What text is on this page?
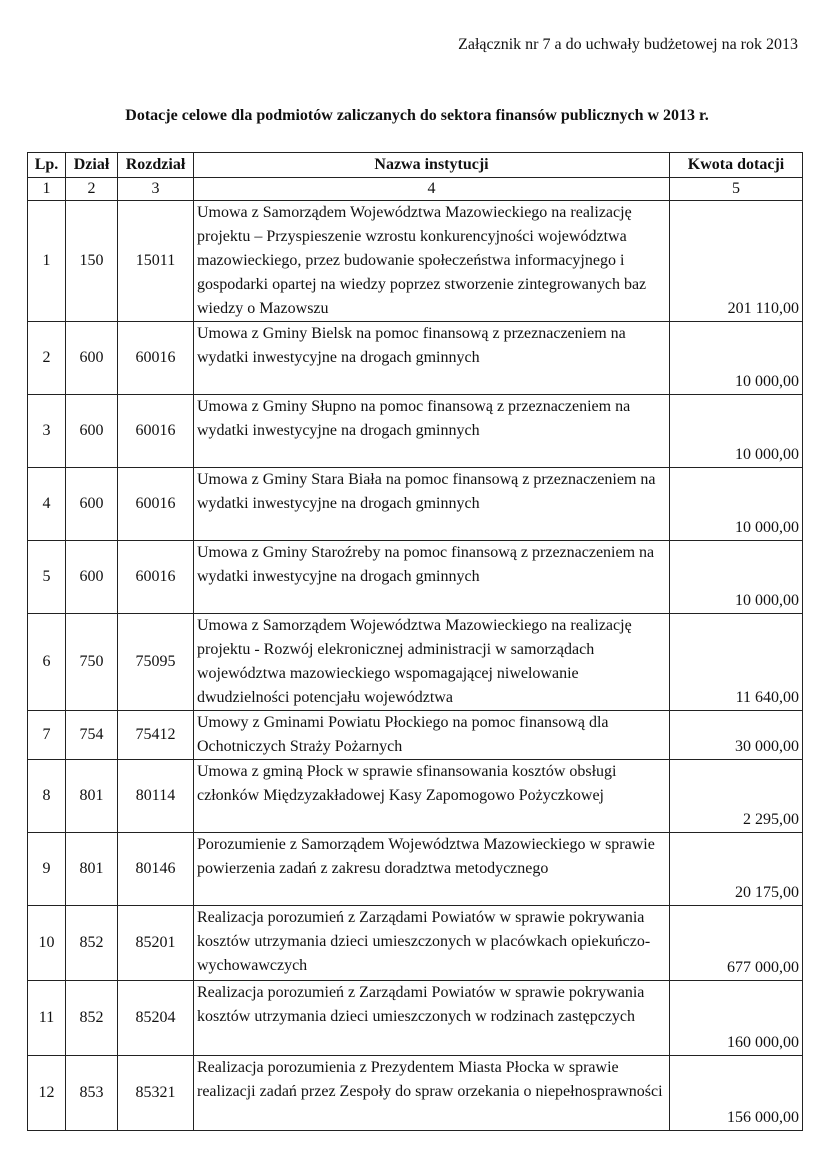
Załącznik nr 7 a do uchwały budżetowej na rok 2013
Dotacje celowe dla podmiotów zaliczanych do sektora finansów publicznych w 2013 r.
Lp.	Dział	Rozdział	Nazwa instytucji	Kwota dotacji
1	2	3	4	5
1	150	15011	Umowa z Samorządem Województwa Mazowieckiego na realizację projektu – Przyspieszenie wzrostu konkurencyjności województwa mazowieckiego, przez budowanie społeczeństwa informacyjnego i gospodarki opartej na wiedzy poprzez stworzenie zintegrowanych baz wiedzy o Mazowszu	201 110,00
2	600	60016	Umowa z Gminy Bielsk na pomoc finansową z przeznaczeniem na wydatki inwestycyjne na drogach gminnych	10 000,00
3	600	60016	Umowa z Gminy Słupno na pomoc finansową z przeznaczeniem na wydatki inwestycyjne na drogach gminnych	10 000,00
4	600	60016	Umowa z Gminy Stara Biała na pomoc finansową z przeznaczeniem na wydatki inwestycyjne na drogach gminnych	10 000,00
5	600	60016	Umowa z Gminy Staroźreby na pomoc finansową z przeznaczeniem na wydatki inwestycyjne na drogach gminnych	10 000,00
6	750	75095	Umowa z Samorządem Województwa Mazowieckiego na realizację projektu - Rozwój elekronicznej administracji w samorządach województwa mazowieckiego wspomagającej niwelowanie dwudzielności potencjału województwa	11 640,00
7	754	75412	Umowy z Gminami Powiatu Płockiego na pomoc finansową dla Ochotniczych Straży Pożarnych	30 000,00
8	801	80114	Umowa z gminą Płock w sprawie sfinansowania kosztów obsługi członków Międzyzakładowej Kasy Zapomogowo Pożyczkowej	2 295,00
9	801	80146	Porozumienie z Samorządem Województwa Mazowieckiego w sprawie powierzenia zadań z zakresu doradztwa metodycznego	20 175,00
10	852	85201	Realizacja porozumień z Zarządami Powiatów w sprawie pokrywania kosztów utrzymania dzieci umieszczonych w placówkach opiekuńczo-wychowawczych	677 000,00
11	852	85204	Realizacja porozumień z Zarządami Powiatów w sprawie pokrywania kosztów utrzymania dzieci umieszczonych w rodzinach zastępczych	160 000,00
12	853	85321	Realizacja porozumienia z Prezydentem Miasta Płocka w sprawie realizacji zadań przez Zespoły do spraw orzekania o niepełnosprawności	156 000,00
